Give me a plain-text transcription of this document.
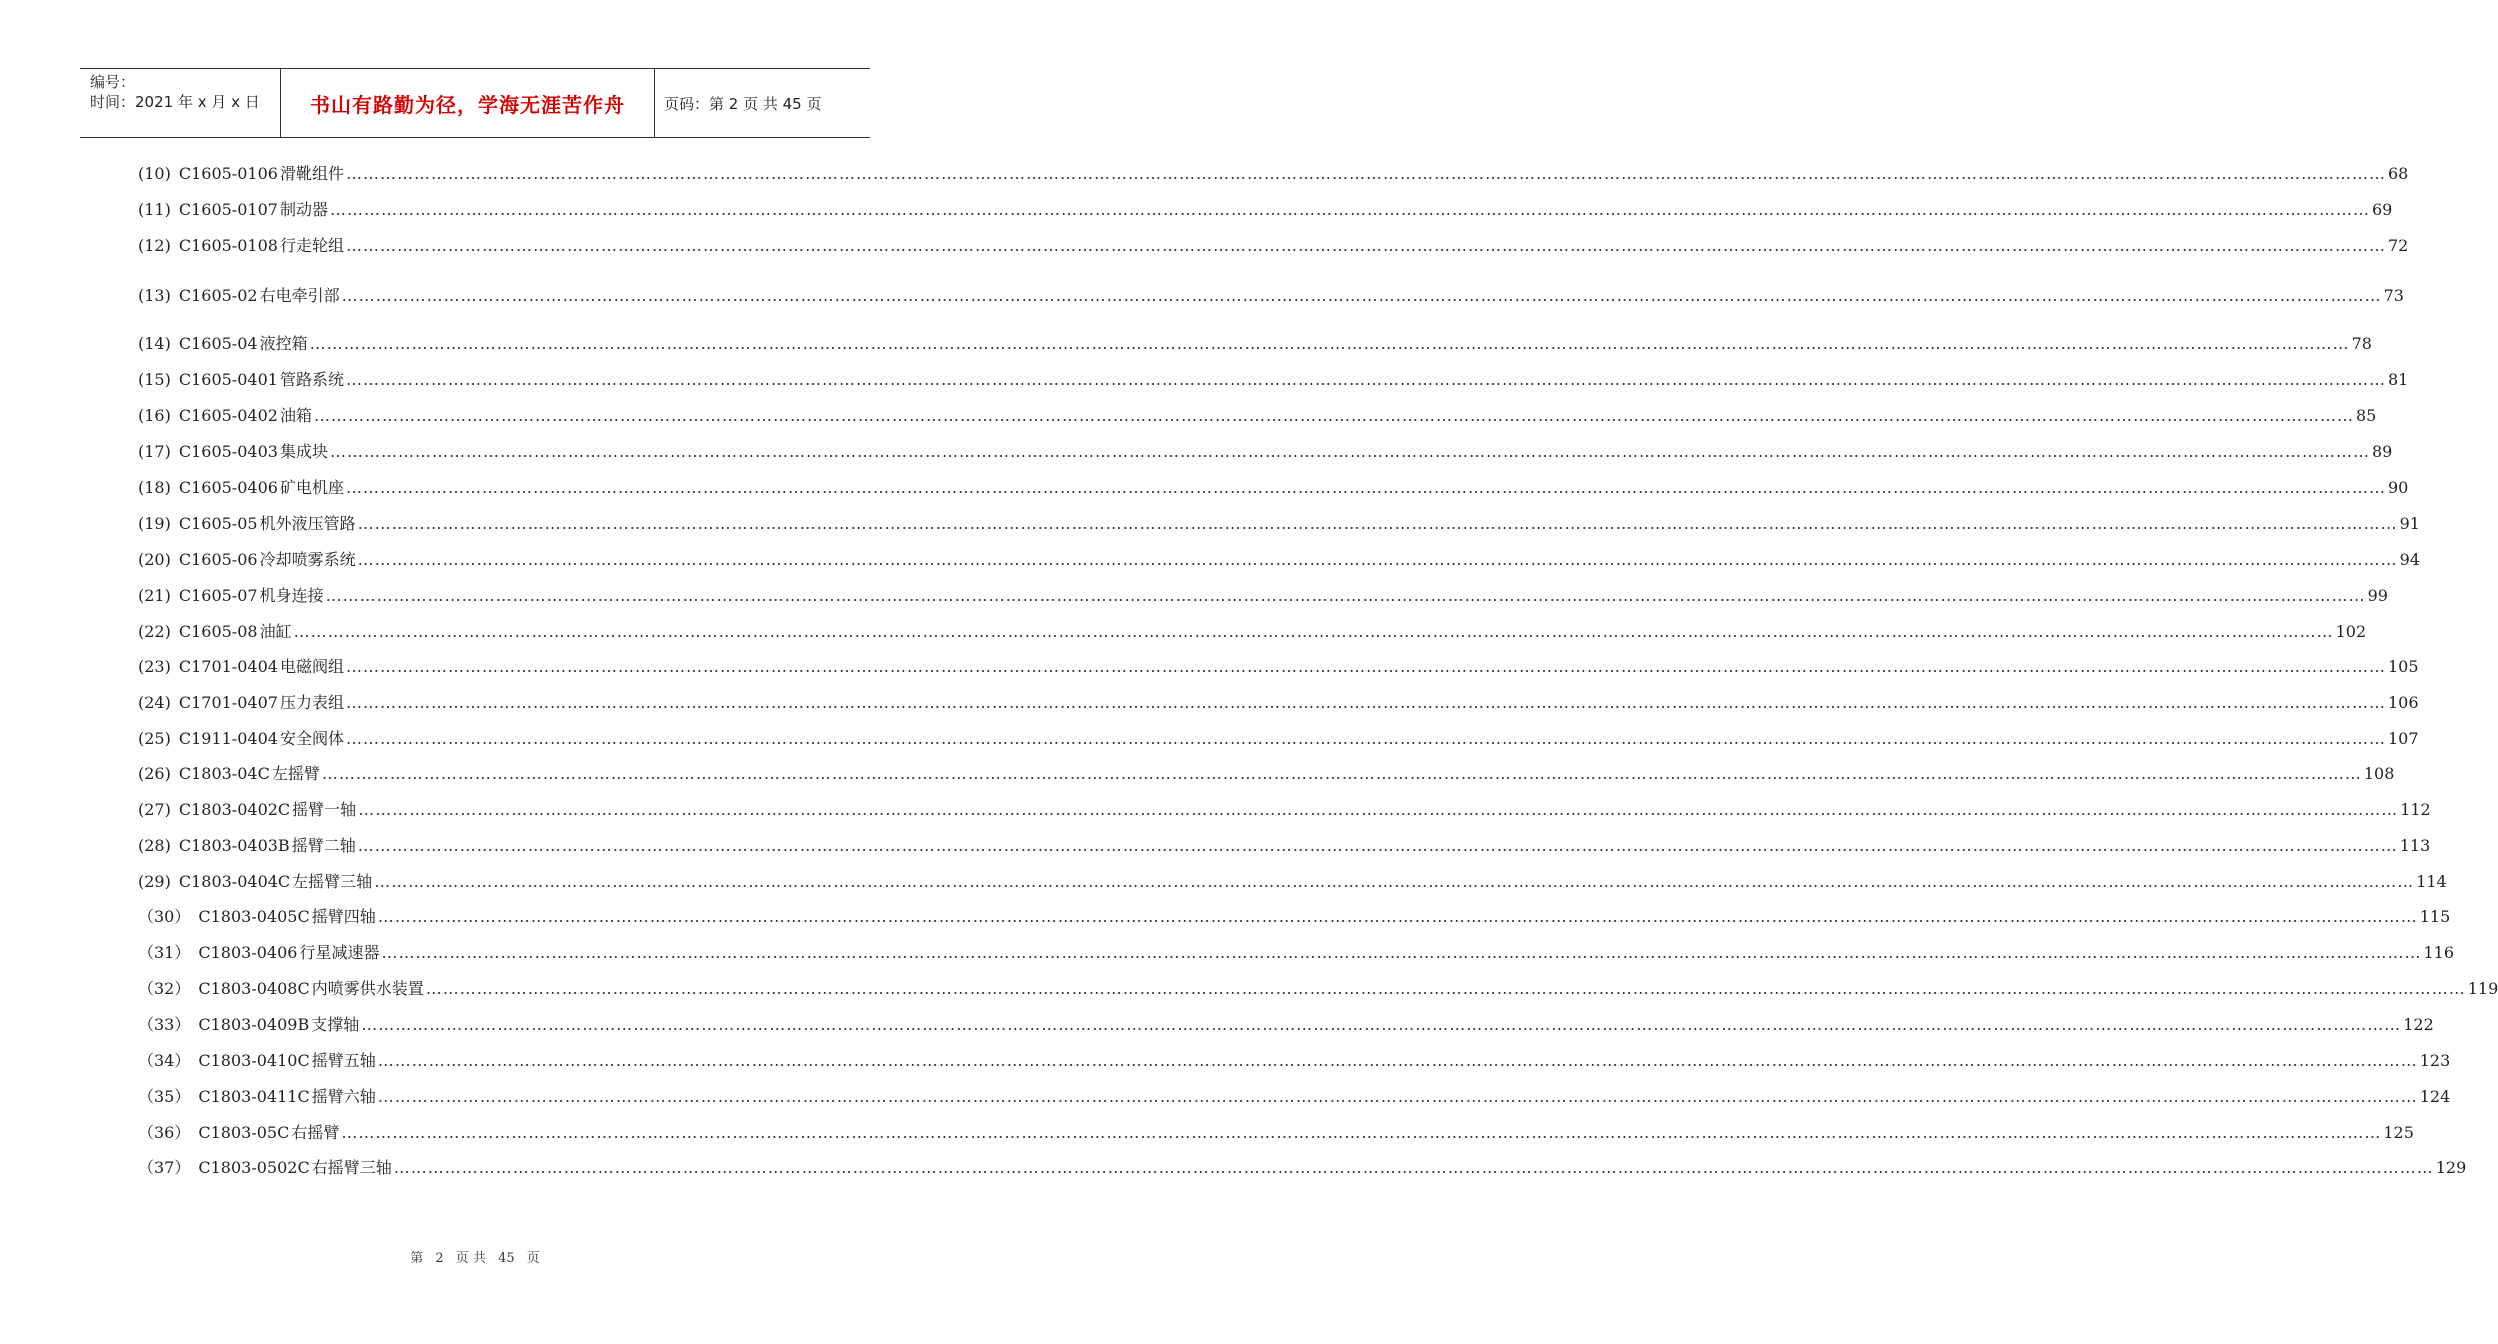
编号：
时间：2021 年 x 月 x 日	书山有路勤为径，学海无涯苦作舟	页码：第 2 页 共 45 页
(10) C1605-0106 滑靴组件 ……………………………………………………………………………………………………………………………………………………………………………………………………………………………………………………………………………………………………………………………… 68
(11) C1605-0107 制动器 ……………………………………………………………………………………………………………………………………………………………………………………………………………………………………………………………………………………………………………………………… 69
(12) C1605-0108 行走轮组 ……………………………………………………………………………………………………………………………………………………………………………………………………………………………………………………………………………………………………………………………… 72
(13) C1605-02 右电牵引部 ……………………………………………………………………………………………………………………………………………………………………………………………………………………………………………………………………………………………………………………………… 73
(14) C1605-04 液控箱 ……………………………………………………………………………………………………………………………………………………………………………………………………………………………………………………………………………………………………………………………… 78
(15) C1605-0401 管路系统 ……………………………………………………………………………………………………………………………………………………………………………………………………………………………………………………………………………………………………………………………… 81
(16) C1605-0402 油箱 ……………………………………………………………………………………………………………………………………………………………………………………………………………………………………………………………………………………………………………………………… 85
(17) C1605-0403 集成块 ……………………………………………………………………………………………………………………………………………………………………………………………………………………………………………………………………………………………………………………………… 89
(18) C1605-0406 矿电机座 ……………………………………………………………………………………………………………………………………………………………………………………………………………………………………………………………………………………………………………………………… 90
(19) C1605-05 机外液压管路 ……………………………………………………………………………………………………………………………………………………………………………………………………………………………………………………………………………………………………………………………… 91
(20) C1605-06 冷却喷雾系统 ……………………………………………………………………………………………………………………………………………………………………………………………………………………………………………………………………………………………………………………………… 94
(21) C1605-07 机身连接 ……………………………………………………………………………………………………………………………………………………………………………………………………………………………………………………………………………………………………………………………… 99
(22) C1605-08 油缸 ……………………………………………………………………………………………………………………………………………………………………………………………………………………………………………………………………………………………………………………………… 102
(23) C1701-0404 电磁阀组 ……………………………………………………………………………………………………………………………………………………………………………………………………………………………………………………………………………………………………………………………… 105
(24) C1701-0407 压力表组 ……………………………………………………………………………………………………………………………………………………………………………………………………………………………………………………………………………………………………………………………… 106
(25) C1911-0404 安全阀体 ……………………………………………………………………………………………………………………………………………………………………………………………………………………………………………………………………………………………………………………………… 107
(26) C1803-04C 左摇臂 ……………………………………………………………………………………………………………………………………………………………………………………………………………………………………………………………………………………………………………………………… 108
(27) C1803-0402C 摇臂一轴 ……………………………………………………………………………………………………………………………………………………………………………………………………………………………………………………………………………………………………………………………… 112
(28) C1803-0403B 摇臂二轴 ……………………………………………………………………………………………………………………………………………………………………………………………………………………………………………………………………………………………………………………………… 113
(29) C1803-0404C 左摇臂三轴 ……………………………………………………………………………………………………………………………………………………………………………………………………………………………………………………………………………………………………………………………… 114
（30） C1803-0405C 摇臂四轴 ……………………………………………………………………………………………………………………………………………………………………………………………………………………………………………………………………………………………………………………………… 115
（31） C1803-0406 行星减速器 ……………………………………………………………………………………………………………………………………………………………………………………………………………………………………………………………………………………………………………………………… 116
（32） C1803-0408C 内喷雾供水装置 ……………………………………………………………………………………………………………………………………………………………………………………………………………………………………………………………………………………………………………………………… 119
（33） C1803-0409B 支撑轴 ……………………………………………………………………………………………………………………………………………………………………………………………………………………………………………………………………………………………………………………………… 122
（34） C1803-0410C 摇臂五轴 ……………………………………………………………………………………………………………………………………………………………………………………………………………………………………………………………………………………………………………………………… 123
（35） C1803-0411C 摇臂六轴 ……………………………………………………………………………………………………………………………………………………………………………………………………………………………………………………………………………………………………………………………… 124
（36） C1803-05C 右摇臂 ……………………………………………………………………………………………………………………………………………………………………………………………………………………………………………………………………………………………………………………………… 125
（37） C1803-0502C 右摇臂三轴 ……………………………………………………………………………………………………………………………………………………………………………………………………………………………………………………………………………………………………………………………… 129
第 2 页 共 45 页
